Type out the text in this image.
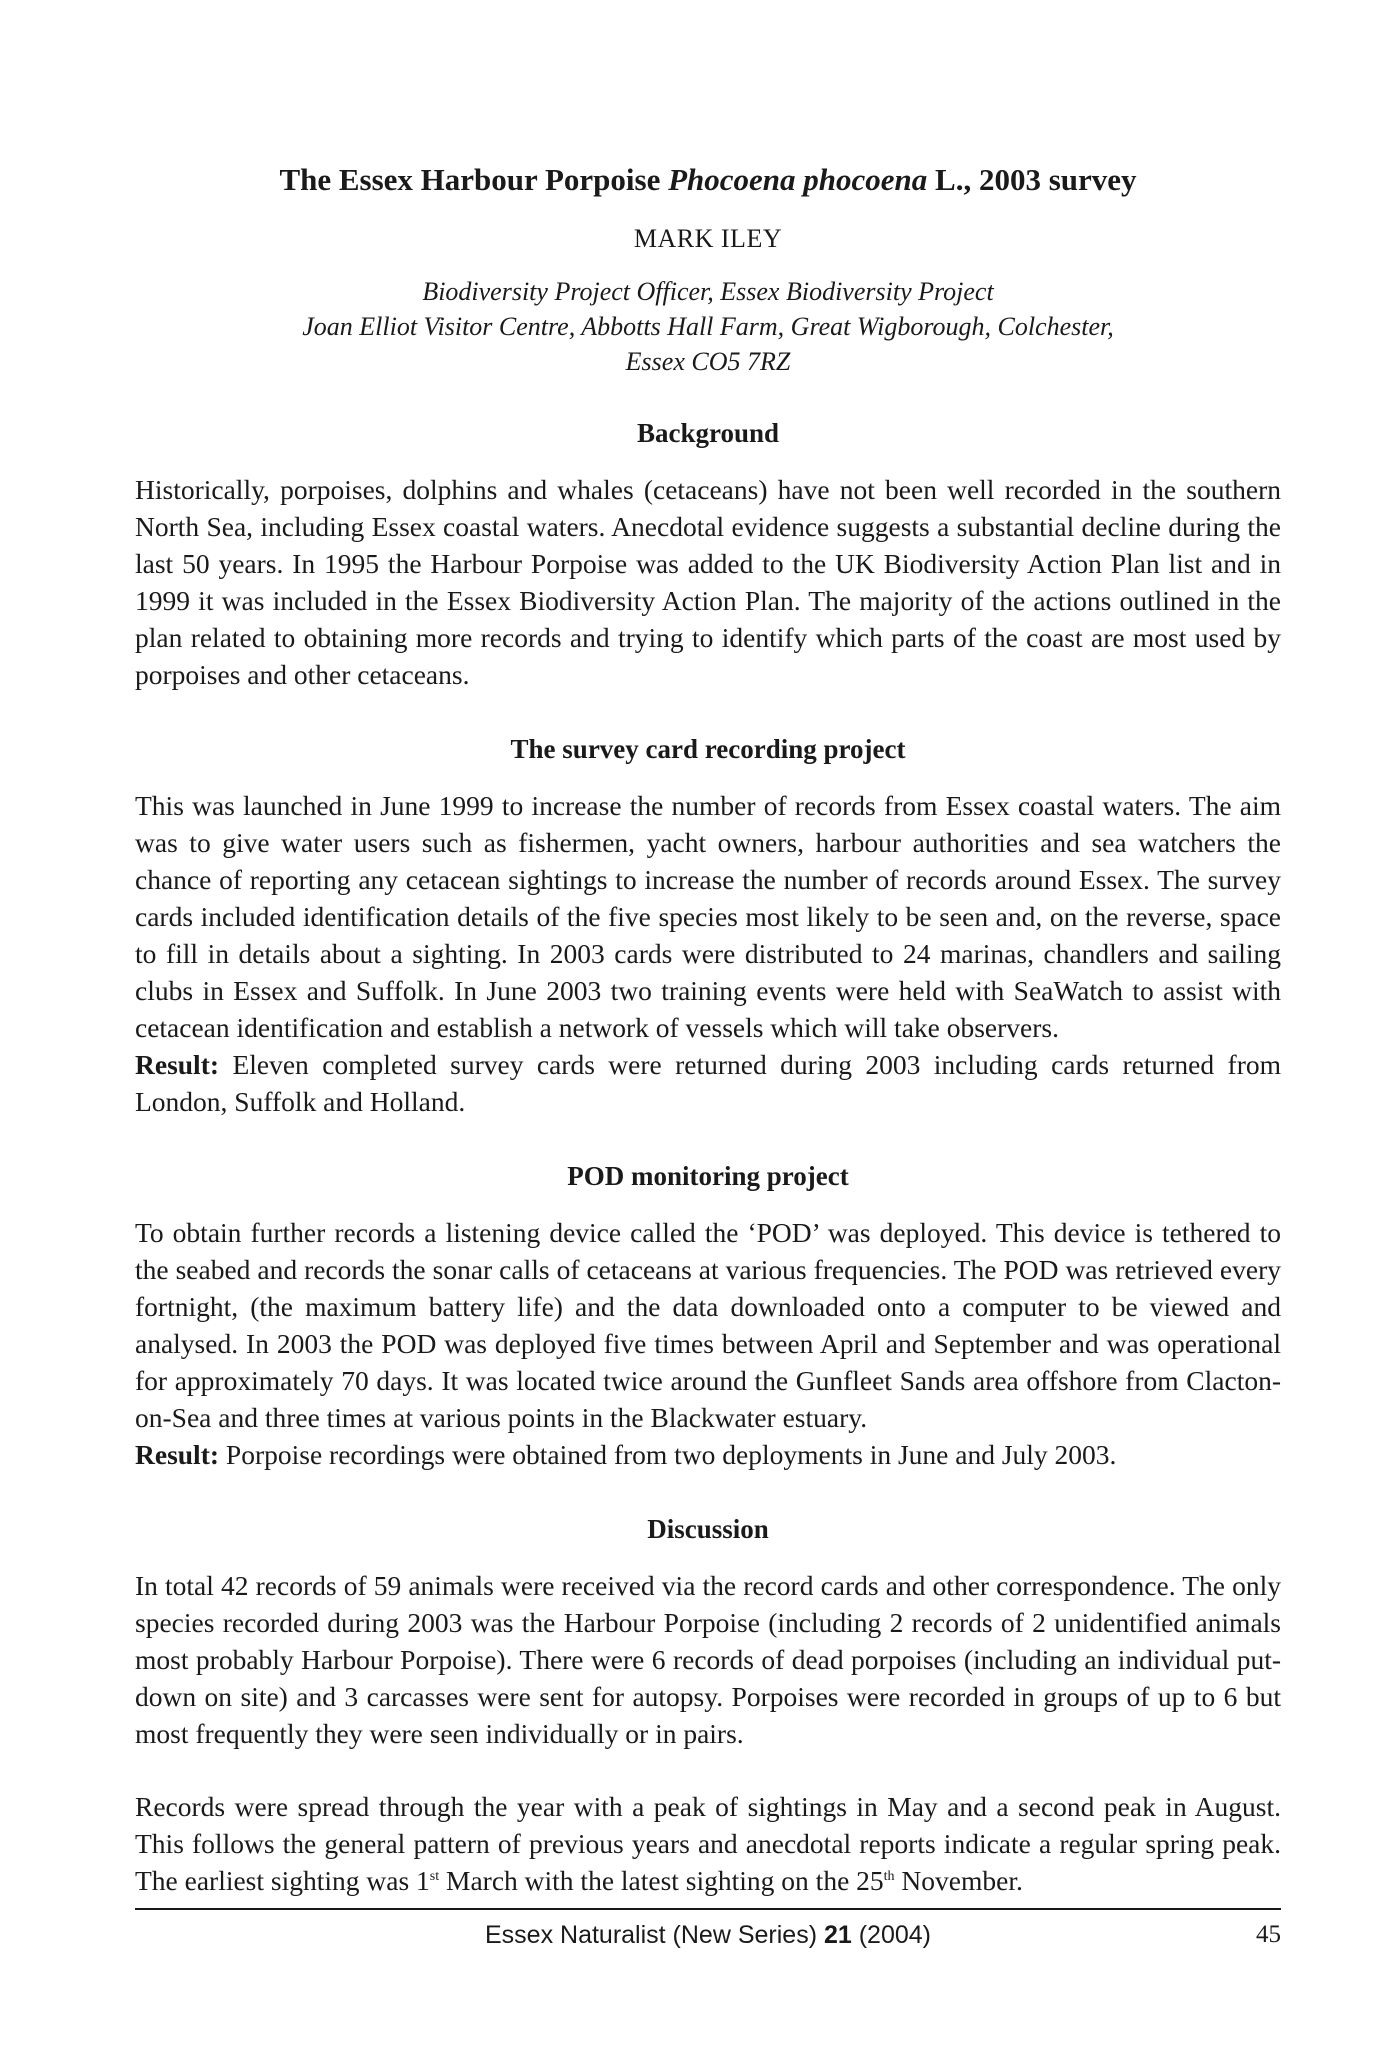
The Essex Harbour Porpoise Phocoena phocoena L., 2003 survey
MARK ILEY
Biodiversity Project Officer, Essex Biodiversity Project
Joan Elliot Visitor Centre, Abbotts Hall Farm, Great Wigborough, Colchester,
Essex CO5 7RZ
Background

Historically, porpoises, dolphins and whales (cetaceans) have not been well recorded in the southern North Sea, including Essex coastal waters. Anecdotal evidence suggests a substantial decline during the last 50 years. In 1995 the Harbour Porpoise was added to the UK Biodiversity Action Plan list and in 1999 it was included in the Essex Biodiversity Action Plan. The majority of the actions outlined in the plan related to obtaining more records and trying to identify which parts of the coast are most used by porpoises and other cetaceans.

The survey card recording project

This was launched in June 1999 to increase the number of records from Essex coastal waters. The aim was to give water users such as fishermen, yacht owners, harbour authorities and sea watchers the chance of reporting any cetacean sightings to increase the number of records around Essex. The survey cards included identification details of the five species most likely to be seen and, on the reverse, space to fill in details about a sighting. In 2003 cards were distributed to 24 marinas, chandlers and sailing clubs in Essex and Suffolk. In June 2003 two training events were held with SeaWatch to assist with cetacean identification and establish a network of vessels which will take observers.

Result: Eleven completed survey cards were returned during 2003 including cards returned from London, Suffolk and Holland.

POD monitoring project

To obtain further records a listening device called the ‘POD’ was deployed. This device is tethered to the seabed and records the sonar calls of cetaceans at various frequencies. The POD was retrieved every fortnight, (the maximum battery life) and the data downloaded onto a computer to be viewed and analysed. In 2003 the POD was deployed five times between April and September and was operational for approximately 70 days. It was located twice around the Gunfleet Sands area offshore from Clacton-on-Sea and three times at various points in the Blackwater estuary.

Result: Porpoise recordings were obtained from two deployments in June and July 2003.

Discussion

In total 42 records of 59 animals were received via the record cards and other correspondence. The only species recorded during 2003 was the Harbour Porpoise (including 2 records of 2 unidentified animals most probably Harbour Porpoise). There were 6 records of dead porpoises (including an individual put-down on site) and 3 carcasses were sent for autopsy. Porpoises were recorded in groups of up to 6 but most frequently they were seen individually or in pairs.

Records were spread through the year with a peak of sightings in May and a second peak in August. This follows the general pattern of previous years and anecdotal reports indicate a regular spring peak. The earliest sighting was 1st March with the latest sighting on the 25th November.

Essex Naturalist (New Series) 21 (2004)	45
